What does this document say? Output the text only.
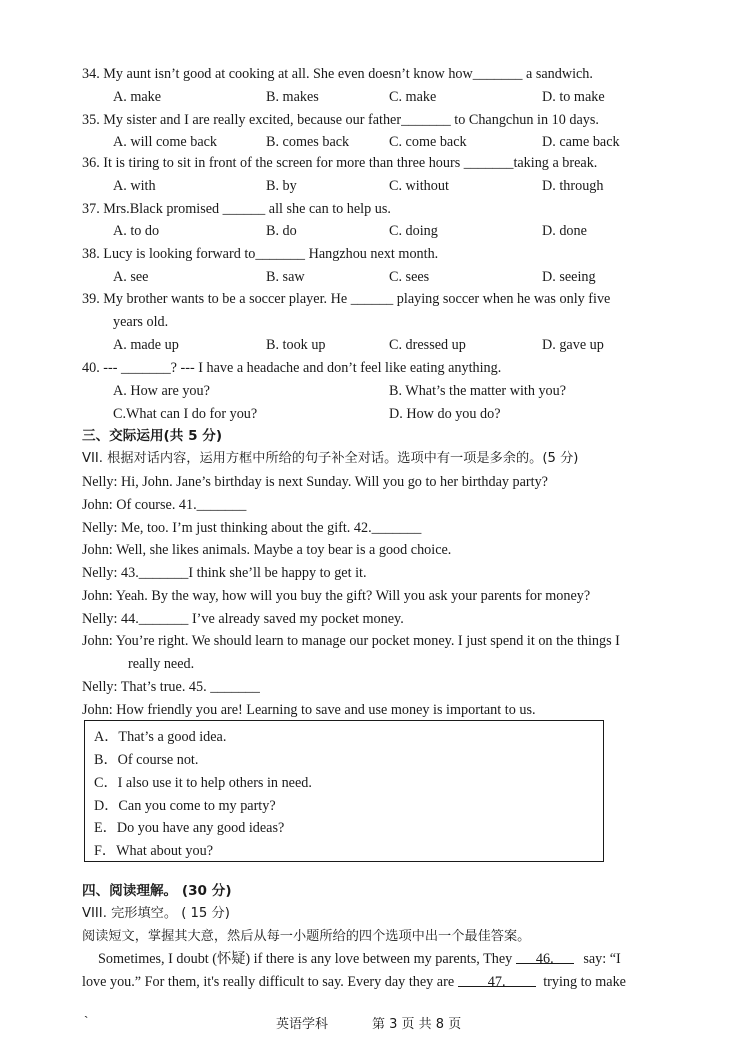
34. My aunt isn’t good at cooking at all. She even doesn’t know how_______ a sandwich.
A. make	B. makes	C. make	D. to make
35. My sister and I are really excited, because our father_______ to Changchun in 10 days.
A. will come back	B. comes back	C. come back	D. came back
36. It is tiring to sit in front of the screen for more than three hours _______taking a break.
A. with	B. by	C. without	D. through
37. Mrs.Black promised ______ all she can to help us.
A. to do	B. do	C. doing	D. done
38. Lucy is looking forward to_______ Hangzhou next month.
A. see	B. saw	C. sees	D. seeing
39. My brother wants to be a soccer player. He ______ playing soccer when he was only five
years old.
A. made up	B. took up	C. dressed up	D. gave up
40. --- _______? --- I have a headache and don’t feel like eating anything.
A. How are you?	B. What’s the matter with you?
C.What can I do for you?	D. How do you do?
三、交际运用(共 5 分)
VII. 根据对话内容，运用方框中所给的句子补全对话。选项中有一项是多余的。(5 分)
Nelly: Hi, John. Jane’s birthday is next Sunday. Will you go to her birthday party?
John: Of course. 41._______
Nelly: Me, too. I’m just thinking about the gift. 42._______
John: Well, she likes animals. Maybe a toy bear is a good choice.
Nelly: 43._______I think she’ll be happy to get it.
John: Yeah. By the way, how will you buy the gift? Will you ask your parents for money?
Nelly: 44._______ I’ve already saved my pocket money.
John: You’re right. We should learn to manage our pocket money. I just spend it on the things I
really need.
Nelly: That’s true. 45. _______
John: How friendly you are! Learning to save and use money is important to us.
A．That’s a good idea.
B．Of course not.
C．I also use it to help others in need.
D．Can you come to my party?
E．Do you have any good ideas?
F．What about you?
四、阅读理解。 (30 分)
VIII. 完形填空。 ( 15 分)
阅读短文，掌握其大意，然后从每一小题所给的四个选项中出一个最佳答案。
Sometimes, I doubt (怀疑) if there is any love between my parents, They 46. say: “I
love you.” For them, it's really difficult to say. Every day they are 47.	trying to make
`	英语学科	第 3 页 共 8 页
